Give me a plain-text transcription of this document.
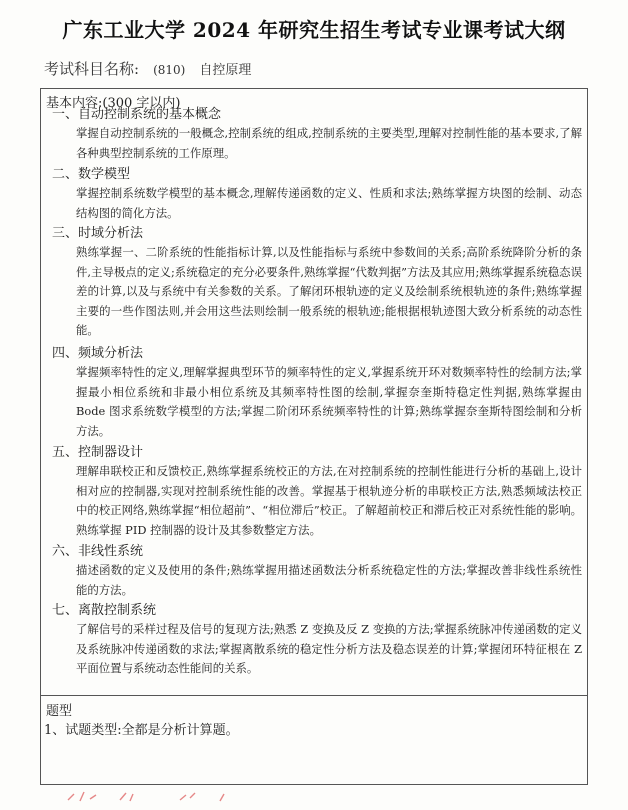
广东工业大学 2024 年研究生招生考试专业课考试大纲
考试科目名称: (810) 自控原理
基本内容:(300 字以内)
一、自动控制系统的基本概念
掌握自动控制系统的一般概念,控制系统的组成,控制系统的主要类型,理解对控制性能的基本要求,了解各种典型控制系统的工作原理。
二、数学模型
掌握控制系统数学模型的基本概念,理解传递函数的定义、性质和求法;熟练掌握方块图的绘制、动态结构图的简化方法。
三、时域分析法
熟练掌握一、二阶系统的性能指标计算,以及性能指标与系统中参数间的关系;高阶系统降阶分析的条件,主导极点的定义;系统稳定的充分必要条件,熟练掌握“代数判据”方法及其应用;熟练掌握系统稳态误差的计算,以及与系统中有关参数的关系。了解闭环根轨迹的定义及绘制系统根轨迹的条件;熟练掌握主要的一些作图法则,并会用这些法则绘制一般系统的根轨迹;能根据根轨迹图大致分析系统的动态性能。
四、频域分析法
掌握频率特性的定义,理解掌握典型环节的频率特性的定义,掌握系统开环对数频率特性的绘制方法;掌握最小相位系统和非最小相位系统及其频率特性图的绘制,掌握奈奎斯特稳定性判据,熟练掌握由 Bode 图求系统数学模型的方法;掌握二阶闭环系统频率特性的计算;熟练掌握奈奎斯特图绘制和分析方法。
五、控制器设计
理解串联校正和反馈校正,熟练掌握系统校正的方法,在对控制系统的控制性能进行分析的基础上,设计相对应的控制器,实现对控制系统性能的改善。掌握基于根轨迹分析的串联校正方法,熟悉频域法校正中的校正网络,熟练掌握“相位超前”、“相位滞后”校正。了解超前校正和滞后校正对系统性能的影响。熟练掌握 PID 控制器的设计及其参数整定方法。
六、非线性系统
描述函数的定义及使用的条件;熟练掌握用描述函数法分析系统稳定性的方法;掌握改善非线性系统性能的方法。
七、离散控制系统
了解信号的采样过程及信号的复现方法;熟悉 Z 变换及反 Z 变换的方法;掌握系统脉冲传递函数的定义及系统脉冲传递函数的求法;掌握离散系统的稳定性分析方法及稳态误差的计算;掌握闭环特征根在 Z 平面位置与系统动态性能间的关系。
题型
1、试题类型:全都是分析计算题。
